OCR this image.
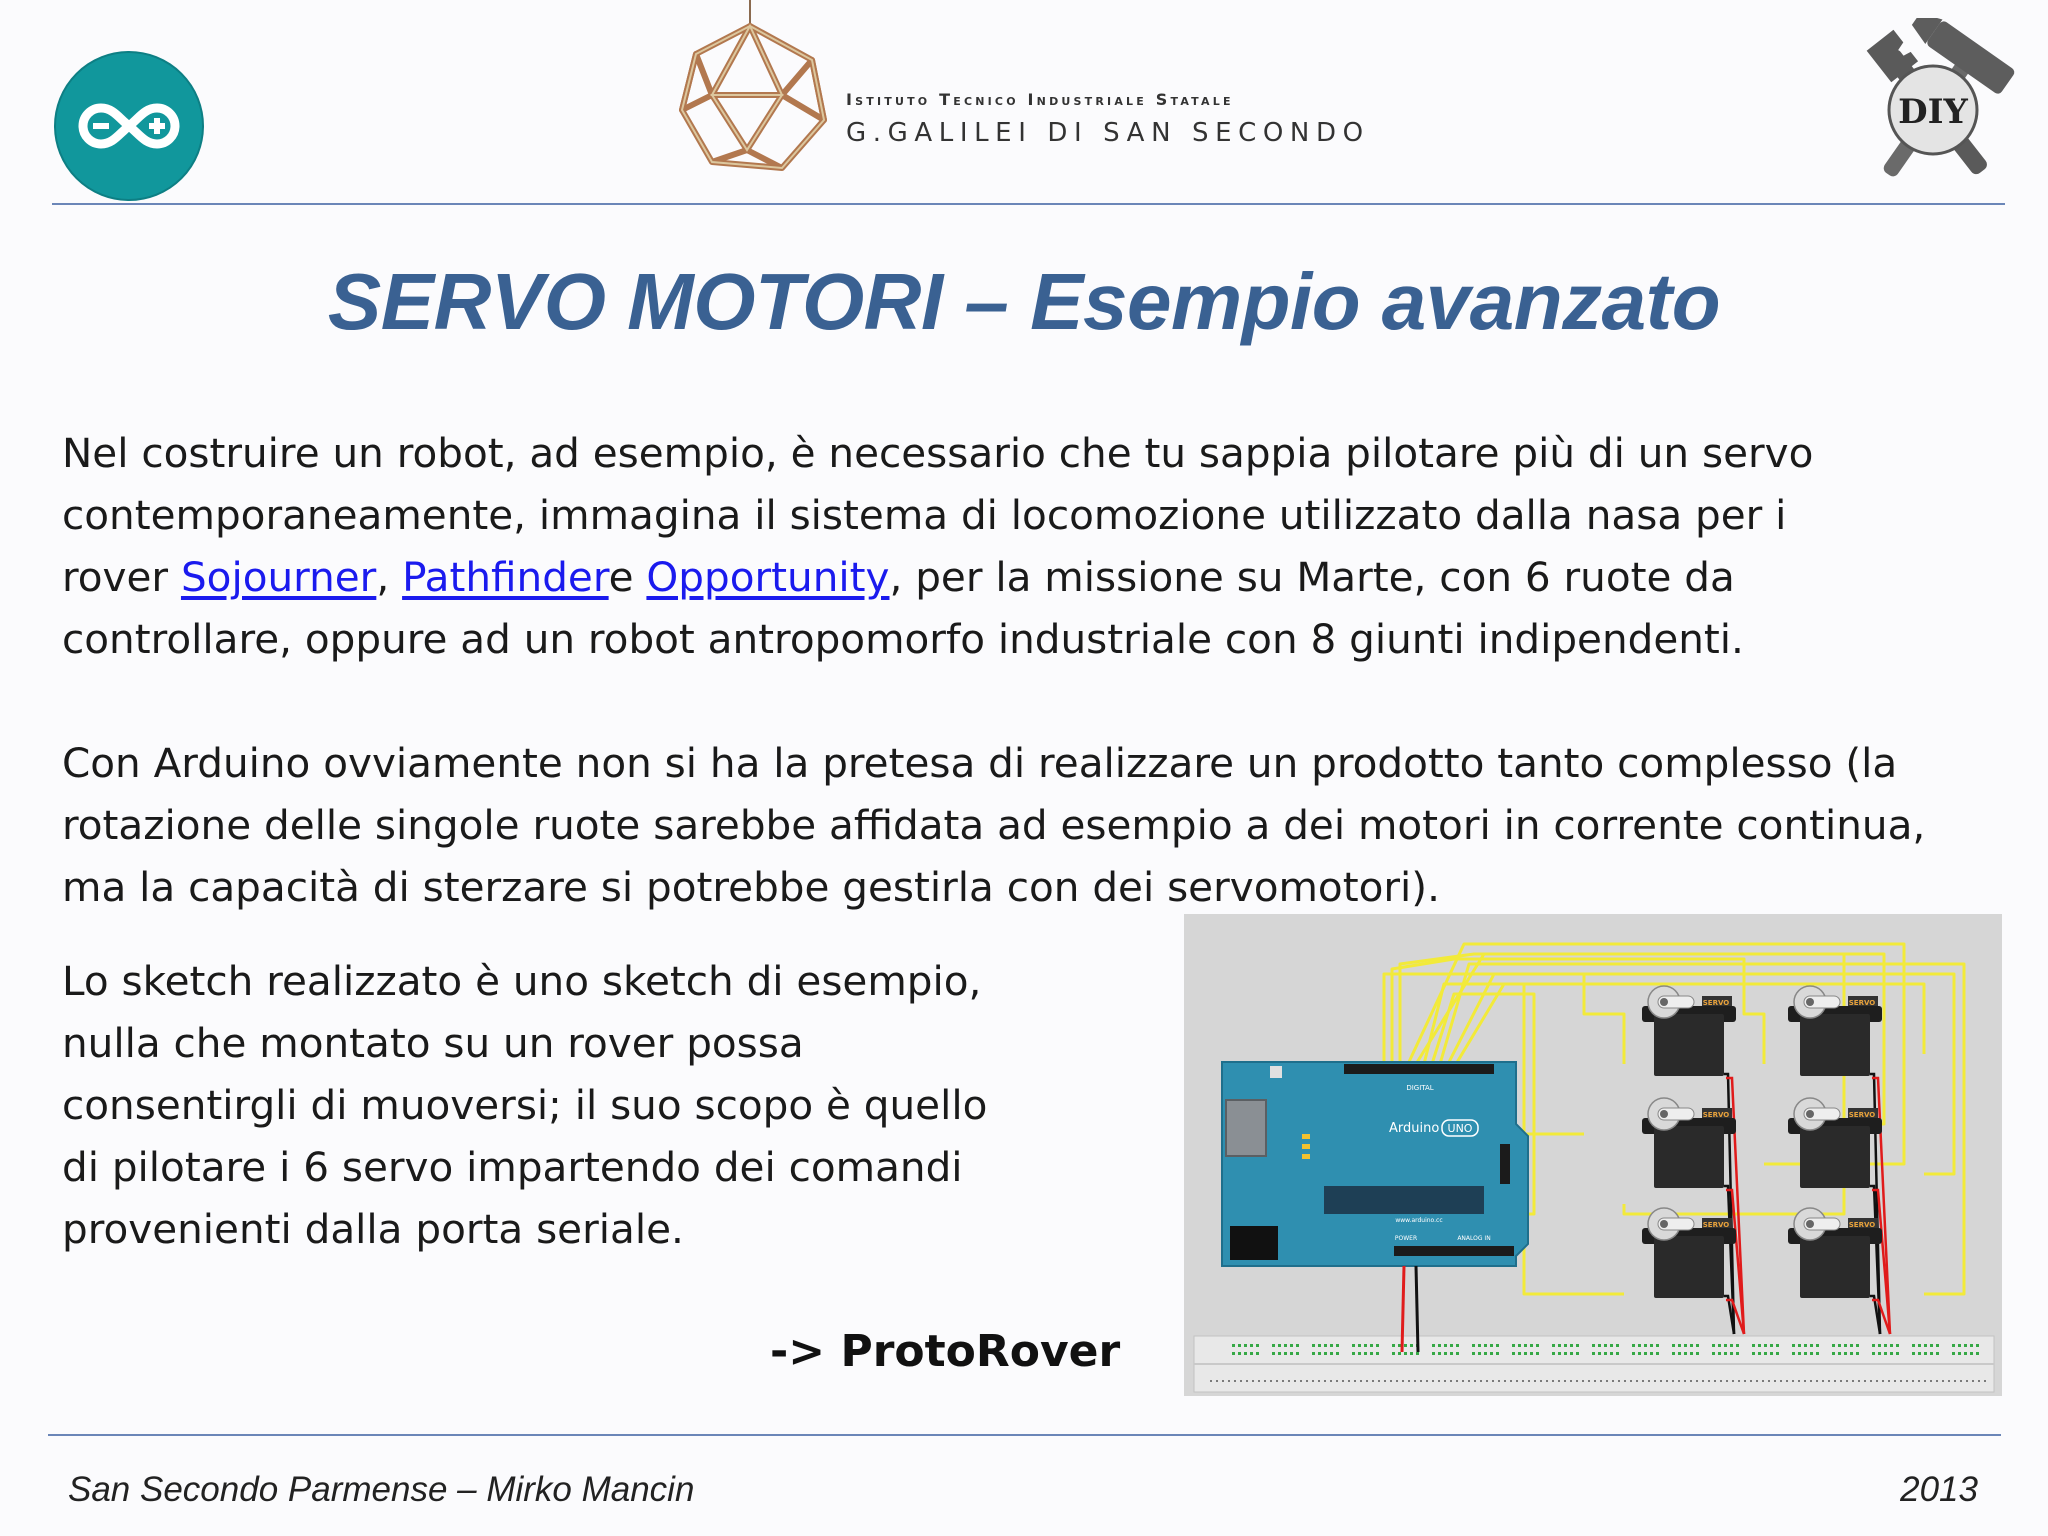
Istituto Tecnico Industriale Statale
G.GALILEI DI SAN SECONDO
DIY
SERVO MOTORI – Esempio avanzato
Nel costruire un robot, ad esempio, è necessario che tu sappia pilotare più di un servo
contemporaneamente, immagina il sistema di locomozione utilizzato dalla nasa per i
rover Sojourner, Pathfindere Opportunity, per la missione su Marte, con 6 ruote da
controllare, oppure ad un robot antropomorfo industriale con 8 giunti indipendenti.
Con Arduino ovviamente non si ha la pretesa di realizzare un prodotto tanto complesso (la
rotazione delle singole ruote sarebbe affidata ad esempio a dei motori in corrente continua,
ma la capacità di sterzare si potrebbe gestirla con dei servomotori).
Lo sketch realizzato è uno sketch di esempio,
nulla che montato su un rover possa
consentirgli di muoversi; il suo scopo è quello
di pilotare i 6 servo impartendo dei comandi
provenienti dalla porta seriale.
-> ProtoRover
Arduino UNO
DIGITAL
POWER	ANALOG IN
www.arduino.cc
SERVO	SERVO
SERVO	SERVO
SERVO	SERVO
San Secondo Parmense – Mirko Mancin	2013
